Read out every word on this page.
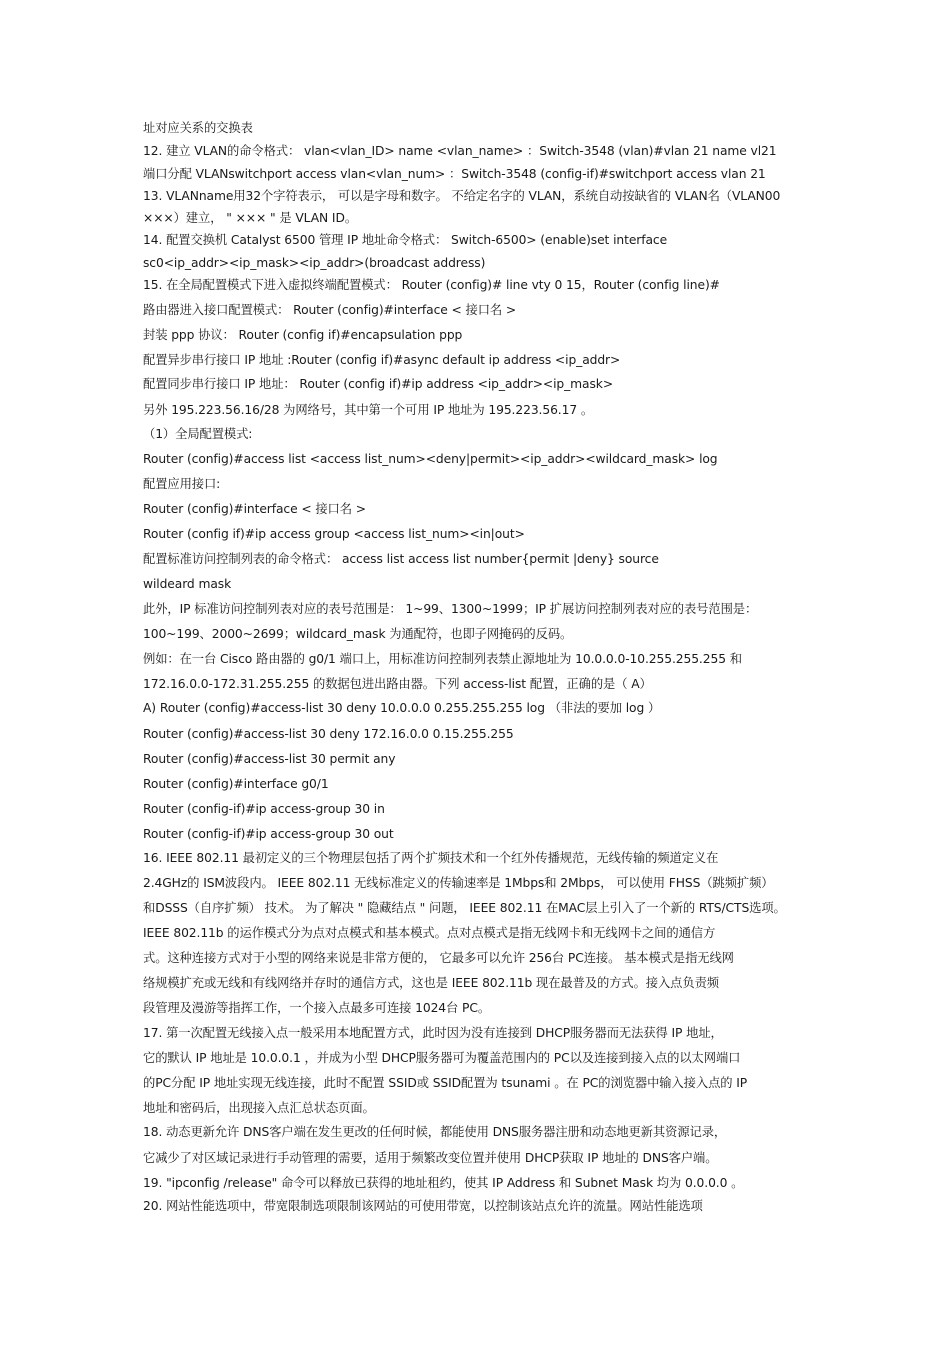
址对应关系的交换表
12. 建立 VLAN的命令格式： vlan<vlan_ID> name <vlan_name> ：Switch-3548 (vlan)#vlan 21 name vl21
端口分配 VLANswitchport access vlan<vlan_num> ：Switch-3548 (config-if)#switchport access vlan 21
13. VLANname用32个字符表示， 可以是字母和数字。 不给定名字的 VLAN，系统自动按缺省的 VLAN名（VLAN00
×××）建立， " ××× " 是 VLAN ID。
14. 配置交换机 Catalyst 6500 管理 IP 地址命令格式： Switch-6500> (enable)set interface
sc0<ip_addr><ip_mask><ip_addr>(broadcast address)
15. 在全局配置模式下进入虚拟终端配置模式： Router (config)# line vty 0 15，Router (config line)#
路由器进入接口配置模式： Router (config)#interface < 接口名 >
封装 ppp 协议： Router (config if)#encapsulation ppp
配置异步串行接口 IP 地址 :Router (config if)#async default ip address <ip_addr>
配置同步串行接口 IP 地址： Router (config if)#ip address <ip_addr><ip_mask>
另外 195.223.56.16/28 为网络号，其中第一个可用 IP 地址为 195.223.56.17 。
（1）全局配置模式:
Router (config)#access list <access list_num><deny|permit><ip_addr><wildcard_mask> log
配置应用接口:
Router (config)#interface < 接口名 >
Router (config if)#ip access group <access list_num><in|out>
配置标准访问控制列表的命令格式： access list access list number{permit |deny} source
wildeard mask
此外，IP 标准访问控制列表对应的表号范围是： 1~99、1300~1999；IP 扩展访问控制列表对应的表号范围是：
100~199、2000~2699；wildcard_mask 为通配符，也即子网掩码的反码。
例如：在一台 Cisco 路由器的 g0/1 端口上，用标准访问控制列表禁止源地址为 10.0.0.0-10.255.255.255 和
172.16.0.0-172.31.255.255 的数据包进出路由器。下列 access-list 配置，正确的是（ A）
A) Router (config)#access-list 30 deny 10.0.0.0 0.255.255.255 log （非法的要加 log ）
Router (config)#access-list 30 deny 172.16.0.0 0.15.255.255
Router (config)#access-list 30 permit any
Router (config)#interface g0/1
Router (config-if)#ip access-group 30 in
Router (config-if)#ip access-group 30 out
16. IEEE 802.11 最初定义的三个物理层包括了两个扩频技术和一个红外传播规范，无线传输的频道定义在
2.4GHz的 ISM波段内。 IEEE 802.11 无线标准定义的传输速率是 1Mbps和 2Mbps， 可以使用 FHSS（跳频扩频）
和DSSS（自序扩频） 技术。 为了解决 " 隐藏结点 " 问题， IEEE 802.11 在MAC层上引入了一个新的 RTS/CTS选项。
IEEE 802.11b 的运作模式分为点对点模式和基本模式。点对点模式是指无线网卡和无线网卡之间的通信方
式。这种连接方式对于小型的网络来说是非常方便的， 它最多可以允许 256台 PC连接。 基本模式是指无线网
络规模扩充或无线和有线网络并存时的通信方式，这也是 IEEE 802.11b 现在最普及的方式。接入点负责频
段管理及漫游等指挥工作，一个接入点最多可连接 1024台 PC。
17. 第一次配置无线接入点一般采用本地配置方式，此时因为没有连接到 DHCP服务器而无法获得 IP 地址，
它的默认 IP 地址是 10.0.0.1 ，并成为小型 DHCP服务器可为覆盖范围内的 PC以及连接到接入点的以太网端口
的PC分配 IP 地址实现无线连接，此时不配置 SSID或 SSID配置为 tsunami 。在 PC的浏览器中输入接入点的 IP
地址和密码后，出现接入点汇总状态页面。
18. 动态更新允许 DNS客户端在发生更改的任何时候，都能使用 DNS服务器注册和动态地更新其资源记录，
它减少了对区域记录进行手动管理的需要，适用于频繁改变位置并使用 DHCP获取 IP 地址的 DNS客户端。
19. "ipconfig /release" 命令可以释放已获得的地址租约，使其 IP Address 和 Subnet Mask 均为 0.0.0.0 。
20. 网站性能选项中，带宽限制选项限制该网站的可使用带宽，以控制该站点允许的流量。网站性能选项
